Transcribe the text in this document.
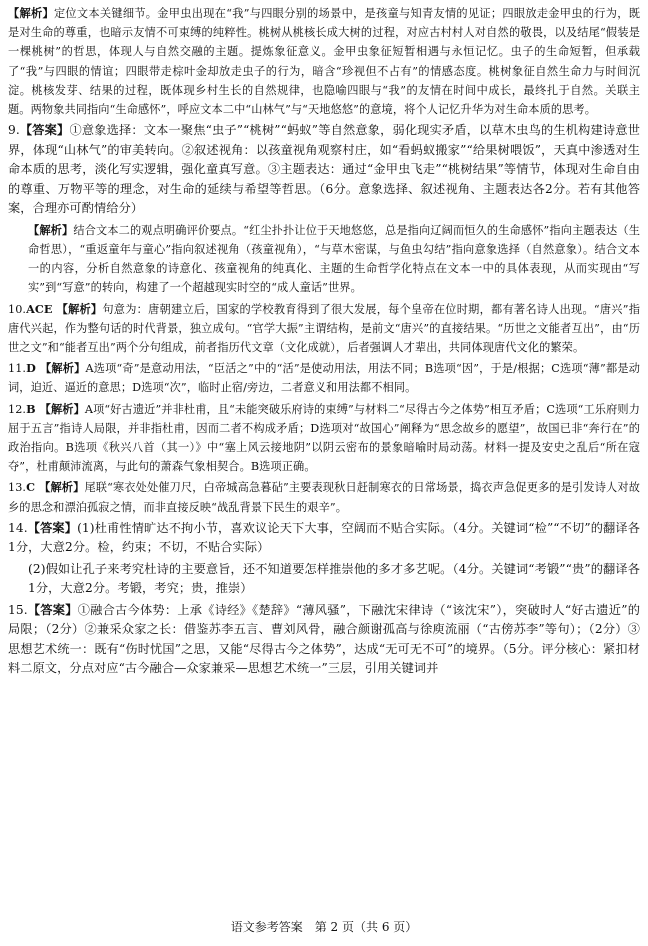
【解析】定位文本关键细节。金甲虫出现在“我”与四眼分别的场景中，是孩童与知青友情的见证；四眼放走金甲虫的行为，既是对生命的尊重，也暗示友情不可束缚的纯粹性。桃树从桃核长成大树的过程，对应古村村人对自然的敬畏，以及结尾“假装是一棵桃树”的哲思，体现人与自然交融的主题。提炼象征意义。金甲虫象征短暂相遇与永恒记忆。虫子的生命短暂，但承载了“我”与四眼的情谊；四眼带走棕叶金却放走虫子的行为，暗含“珍视但不占有”的情感态度。桃树象征自然生命力与时间沉淀。桃核发芽、结果的过程，既体现乡村生长的自然规律，也隐喻四眼与“我”的友情在时间中成长，最终扎于自然。关联主题。两物象共同指向“生命感怀”，呼应文本二中“山林气”与“天地悠悠”的意境，将个人记忆升华为对生命本质的思考。
9.【答案】①意象选择：文本一聚焦“虫子”“桃树”“蚂蚁”等自然意象，弱化现实矛盾，以草木虫鸟的生机构建诗意世界，体现“山林气”的审美转向。②叙述视角：以孩童视角观察村庄，如“看蚂蚁搬家”“给果树喂饭”，天真中渗透对生命本质的思考，淡化写实逻辑，强化童真写意。③主题表达：通过“金甲虫飞走”“桃树结果”等情节，体现对生命自由的尊重、万物平等的理念，对生命的延续与希望等哲思。（6分。意象选择、叙述视角、主题表达各2分。若有其他答案，合理亦可酌情给分）
【解析】结合文本二的观点明确评价要点。“红尘扑扑让位于天地悠悠，总是指向辽阔而恒久的生命感怀”指向主题表达（生命哲思），“重返童年与童心”指向叙述视角（孩童视角），“与草木密谋，与鱼虫勾结”指向意象选择（自然意象）。结合文本一的内容，分析自然意象的诗意化、孩童视角的纯真化、主题的生命哲学化特点在文本一中的具体表现，从而实现由“写实”到“写意”的转向，构建了一个超越现实时空的“成人童话”世界。
10.ACE 【解析】句意为：唐朝建立后，国家的学校教育得到了很大发展，每个皇帝在位时期，都有著名诗人出现。“唐兴”指唐代兴起，作为整句话的时代背景，独立成句。“官学大振”主谓结构，是前文“唐兴”的直接结果。“历世之文能者互出”，由“历世之文”和“能者互出”两个分句组成，前者指历代文章（文化成就），后者强调人才辈出，共同体现唐代文化的繁荣。
11.D 【解析】A选项“奇”是意动用法，“臣活之”中的“活”是使动用法，用法不同；B选项“因”，于是/根据；C选项“薄”都是动词，迫近、逼近的意思；D选项“次”，临时止宿/旁边，二者意义和用法都不相同。
12.B 【解析】A项“好古遗近”并非杜甫，且“未能突破乐府诗的束缚”与材料二“尽得古今之体势”相互矛盾；C选项“工乐府则力屈于五言”指诗人局限，并非指杜甫，因而二者不构成矛盾；D选项对“故国心”阐释为“思念故乡的愿望”，故国已非“奔行在”的政治指向。B选项《秋兴八首（其一）》中“塞上风云接地阴”以阴云密布的景象暗喻时局动荡。材料一提及安史之乱后“所在寇夺”，杜甫颠沛流离，与此句的萧森气象相契合。B选项正确。
13.C 【解析】尾联“寒衣处处催刀尺，白帝城高急暮砧”主要表现秋日赶制寒衣的日常场景，捣衣声急促更多的是引发诗人对故乡的思念和漂泊孤寂之情，而非直接反映“战乱背景下民生的艰辛”。
14.【答案】(1)杜甫性情旷达不拘小节，喜欢议论天下大事，空阔而不贴合实际。（4分。关键词“检”“不切”的翻译各1分，大意2分。检，约束；不切，不贴合实际）
(2)假如让孔子来考究杜诗的主要意旨，还不知道要怎样推崇他的多才多艺呢。（4分。关键词“考锻”“贵”的翻译各1分，大意2分。考锻，考究；贵，推崇）
15.【答案】①融合古今体势：上承《诗经》《楚辞》“薄风骚”，下融沈宋律诗（“该沈宋”），突破时人“好古遗近”的局限；（2分）②兼采众家之长：借鉴苏李五言、曹刘风骨，融合颜谢孤高与徐庾流丽（“古傍苏李”等句）；（2分）③思想艺术统一：既有“伤时忧国”之思，又能“尽得古今之体势”，达成“无可无不可”的境界。（5分。评分核心：紧扣材料二原文，分点对应“古今融合—众家兼采—思想艺术统一”三层，引用关键词并
语文参考答案　第 2 页（共 6 页）
